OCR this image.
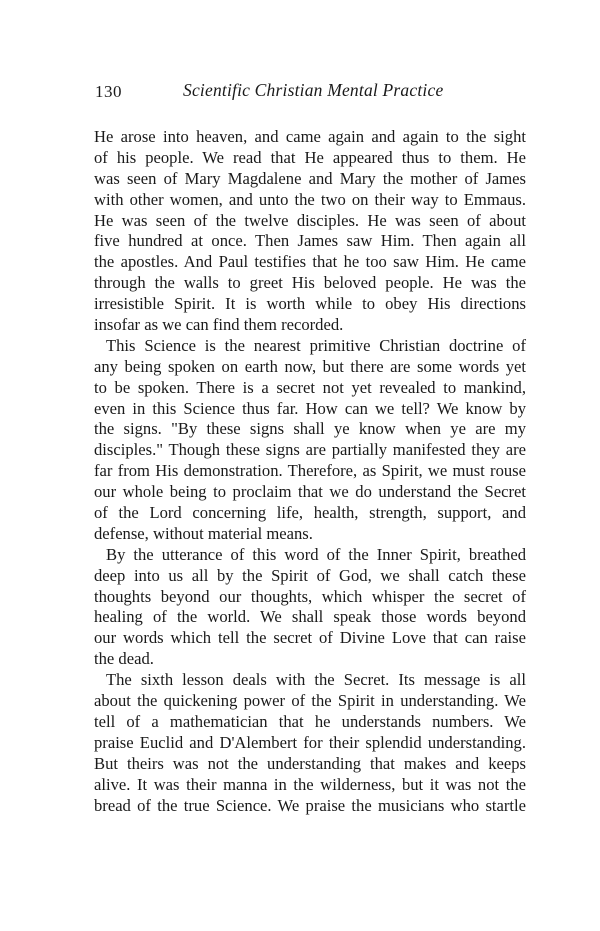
130	Scientific Christian Mental Practice
He arose into heaven, and came again and again to the sight
of his people. We read that He appeared thus to them. He
was seen of Mary Magdalene and Mary the mother of James
with other women, and unto the two on their way to Emmaus.
He was seen of the twelve disciples. He was seen of about
five hundred at once. Then James saw Him. Then again all
the apostles. And Paul testifies that he too saw Him. He came
through the walls to greet His beloved people. He was the
irresistible Spirit. It is worth while to obey His directions
insofar as we can find them recorded.
This Science is the nearest primitive Christian doctrine of
any being spoken on earth now, but there are some words yet
to be spoken. There is a secret not yet revealed to mankind,
even in this Science thus far. How can we tell? We know by
the signs. "By these signs shall ye know when ye are my
disciples." Though these signs are partially manifested they are
far from His demonstration. Therefore, as Spirit, we must rouse
our whole being to proclaim that we do understand the Secret
of the Lord concerning life, health, strength, support, and
defense, without material means.
By the utterance of this word of the Inner Spirit, breathed
deep into us all by the Spirit of God, we shall catch these
thoughts beyond our thoughts, which whisper the secret of
healing of the world. We shall speak those words beyond
our words which tell the secret of Divine Love that can raise
the dead.
The sixth lesson deals with the Secret. Its message is all
about the quickening power of the Spirit in understanding. We
tell of a mathematician that he understands numbers. We
praise Euclid and D'Alembert for their splendid understanding.
But theirs was not the understanding that makes and keeps
alive. It was their manna in the wilderness, but it was not the
bread of the true Science. We praise the musicians who startle
